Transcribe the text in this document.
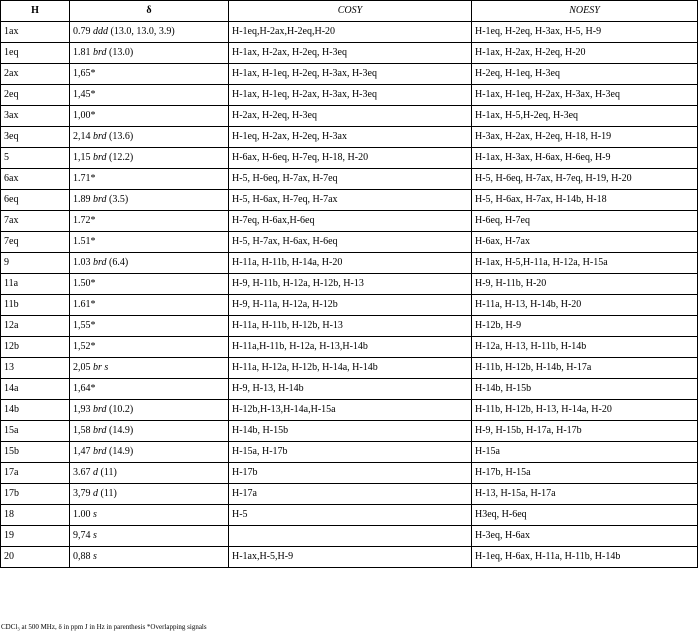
H	δ	COSY	NOESY
1ax	0.79 ddd (13.0, 13.0, 3.9)	H-1eq,H-2ax,H-2eq,H-20	H-1eq, H-2eq, H-3ax, H-5, H-9
1eq	1.81 brd (13.0)	H-1ax, H-2ax, H-2eq, H-3eq	H-1ax, H-2ax, H-2eq, H-20
2ax	1,65*	H-1ax, H-1eq, H-2eq, H-3ax, H-3eq	H-2eq, H-1eq, H-3eq
2eq	1,45*	H-1ax, H-1eq, H-2ax, H-3ax, H-3eq	H-1ax, H-1eq, H-2ax, H-3ax, H-3eq
3ax	1,00*	H-2ax, H-2eq, H-3eq	H-1ax, H-5,H-2eq, H-3eq
3eq	2,14 brd (13.6)	H-1eq, H-2ax, H-2eq, H-3ax	H-3ax, H-2ax, H-2eq, H-18, H-19
5	1,15 brd (12.2)	H-6ax, H-6eq, H-7eq, H-18, H-20	H-1ax, H-3ax, H-6ax, H-6eq, H-9
6ax	1.71*	H-5, H-6eq, H-7ax, H-7eq	H-5, H-6eq, H-7ax, H-7eq, H-19, H-20
6eq	1.89 brd (3.5)	H-5, H-6ax, H-7eq, H-7ax	H-5, H-6ax, H-7ax, H-14b, H-18
7ax	1.72*	H-7eq, H-6ax,H-6eq	H-6eq, H-7eq
7eq	1.51*	H-5, H-7ax, H-6ax, H-6eq	H-6ax, H-7ax
9	1.03 brd (6.4)	H-11a, H-11b, H-14a, H-20	H-1ax, H-5,H-11a, H-12a, H-15a
11a	1.50*	H-9, H-11b, H-12a, H-12b, H-13	H-9, H-11b, H-20
11b	1.61*	H-9, H-11a, H-12a, H-12b	H-11a, H-13, H-14b, H-20
12a	1,55*	H-11a, H-11b, H-12b, H-13	H-12b, H-9
12b	1,52*	H-11a,H-11b, H-12a, H-13,H-14b	H-12a, H-13, H-11b, H-14b
13	2,05 br s	H-11a, H-12a, H-12b, H-14a, H-14b	H-11b, H-12b, H-14b, H-17a
14a	1,64*	H-9, H-13, H-14b	H-14b, H-15b
14b	1,93 brd (10.2)	H-12b,H-13,H-14a,H-15a	H-11b, H-12b, H-13, H-14a, H-20
15a	1,58 brd (14.9)	H-14b, H-15b	H-9, H-15b, H-17a, H-17b
15b	1,47 brd (14.9)	H-15a, H-17b	H-15a
17a	3.67 d (11)	H-17b	H-17b, H-15a
17b	3,79 d (11)	H-17a	H-13, H-15a, H-17a
18	1.00 s	H-5	H3eq, H-6eq
19	9,74 s		H-3eq, H-6ax
20	0,88 s	H-1ax,H-5,H-9	H-1eq, H-6ax, H-11a, H-11b, H-14b
CDCl₃ at 500 MHz, δ in ppm J in Hz in parenthesis *Overlapping signals
